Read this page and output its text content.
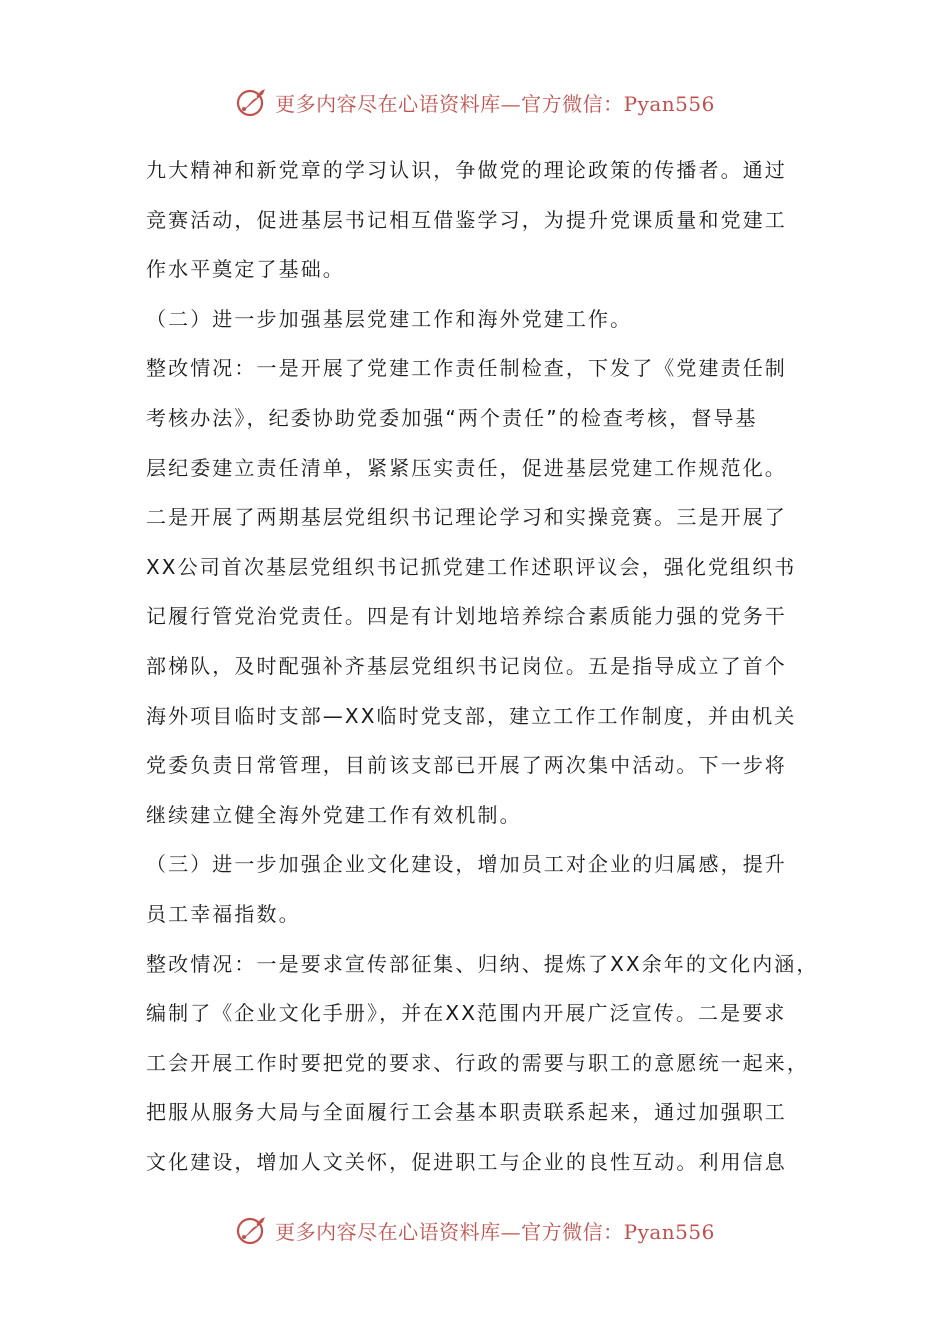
更多内容尽在心语资料库—官方微信：Pyan556
九大精神和新党章的学习认识，争做党的理论政策的传播者。通过
竞赛活动，促进基层书记相互借鉴学习，为提升党课质量和党建工
作水平奠定了基础。
（二）进一步加强基层党建工作和海外党建工作。
整改情况：一是开展了党建工作责任制检查，下发了《党建责任制
考核办法》，纪委协助党委加强“两个责任”的检查考核，督导基
层纪委建立责任清单，紧紧压实责任，促进基层党建工作规范化。
二是开展了两期基层党组织书记理论学习和实操竞赛。三是开展了
XX公司首次基层党组织书记抓党建工作述职评议会，强化党组织书
记履行管党治党责任。四是有计划地培养综合素质能力强的党务干
部梯队，及时配强补齐基层党组织书记岗位。五是指导成立了首个
海外项目临时支部—XX临时党支部，建立工作工作制度，并由机关
党委负责日常管理，目前该支部已开展了两次集中活动。下一步将
继续建立健全海外党建工作有效机制。
（三）进一步加强企业文化建设，增加员工对企业的归属感，提升
员工幸福指数。
整改情况：一是要求宣传部征集、归纳、提炼了XX余年的文化内涵，
编制了《企业文化手册》，并在XX范围内开展广泛宣传。二是要求
工会开展工作时要把党的要求、行政的需要与职工的意愿统一起来，
把服从服务大局与全面履行工会基本职责联系起来，通过加强职工
文化建设，增加人文关怀，促进职工与企业的良性互动。利用信息
更多内容尽在心语资料库—官方微信：Pyan556
